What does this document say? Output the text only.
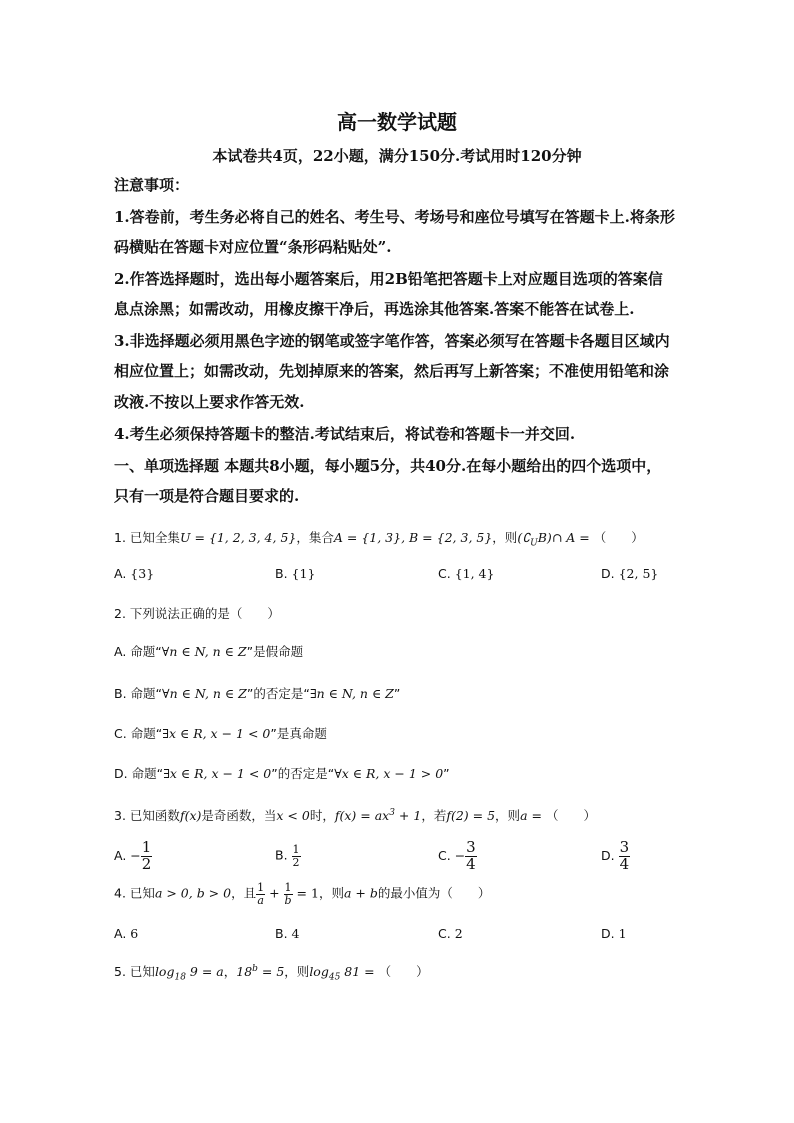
高一数学试题
本试卷共4页，22小题，满分150分.考试用时120分钟
注意事项：
1.答卷前，考生务必将自己的姓名、考生号、考场号和座位号填写在答题卡上.将条形
码横贴在答题卡对应位置“条形码粘贴处”.
2.作答选择题时，选出每小题答案后，用2B铅笔把答题卡上对应题目选项的答案信
息点涂黑；如需改动，用橡皮擦干净后，再选涂其他答案.答案不能答在试卷上.
3.非选择题必须用黑色字迹的钢笔或签字笔作答，答案必须写在答题卡各题目区域内
相应位置上；如需改动，先划掉原来的答案，然后再写上新答案；不准使用铅笔和涂
改液.不按以上要求作答无效.
4.考生必须保持答题卡的整洁.考试结束后，将试卷和答题卡一并交回.
一、单项选择题 本题共8小题，每小题5分，共40分.在每小题给出的四个选项中，
只有一项是符合题目要求的.
1. 已知全集U = {1, 2, 3, 4, 5}，集合A = {1, 3}, B = {2, 3, 5}，则$(∁_UB)\cap$ A = （　　）
A. {3}	B. {1}	C. {1, 4}	D. {2, 5}
2. 下列说法正确的是（　　）
A. 命题“∀n ∈ N, n ∈ Z”是假命题
B. 命题“∀n ∈ N, n ∈ Z”的否定是“∃n ∈ N, n ∈ Z”
C. 命题“∃x ∈ R, x − 1 < 0”是真命题
D. 命题“∃x ∈ R, x − 1 < 0”的否定是“∀x ∈ R, x − 1 > 0”
3. 已知函数f(x)是奇函数，当x < 0时，$f(x) = ax^3 + 1$，若f(2) = 5，则a = （　　）
A. − $\frac{1}{2}$	B. $\frac{1}{2}$	C. − $\frac{3}{4}$	D. $\frac{3}{4}$
4. 已知a > 0, b > 0，且 $\frac{1}{a} + \frac{1}{b} = 1$，则a + b的最小值为（　　）
A. 6	B. 4	C. 2	D. 1
5. 已知$\log_{18} 9 = a$，$18^b = 5$，则$\log_{45} 81$ = （　　）
